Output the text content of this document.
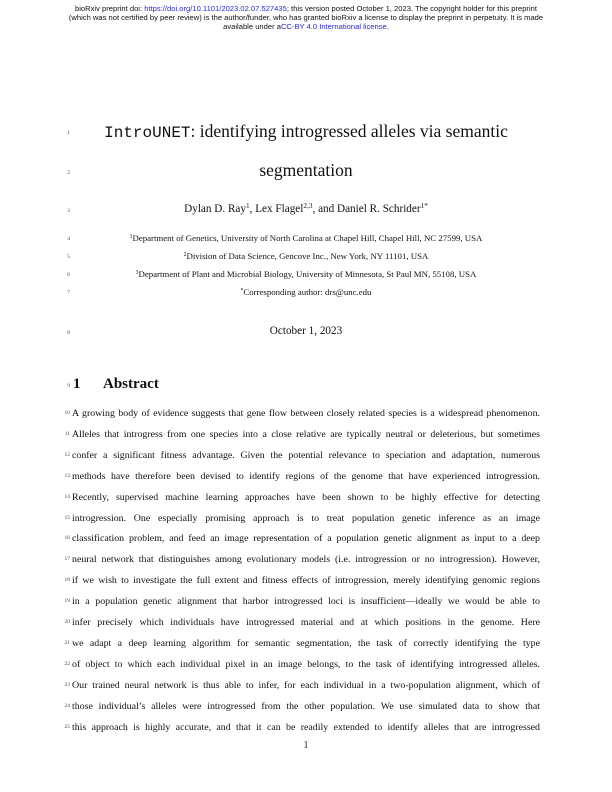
bioRxiv preprint doi: https://doi.org/10.1101/2023.02.07.527435; this version posted October 1, 2023. The copyright holder for this preprint
(which was not certified by peer review) is the author/funder, who has granted bioRxiv a license to display the preprint in perpetuity. It is made
available under aCC-BY 4.0 International license.
1
2
3
4
5
6
7
8
9
IntroUNET: identifying introgressed alleles via semantic
segmentation
Dylan D. Ray$^1$, Lex Flagel$^{2,3}$, and Daniel R. Schrider$^{1*}$
$^1$Department of Genetics, University of North Carolina at Chapel Hill, Chapel Hill, NC 27599, USA
$^2$Division of Data Science, Gencove Inc., New York, NY 11101, USA
$^3$Department of Plant and Microbial Biology, University of Minnesota, St Paul MN, 55108, USA
*Corresponding author: drs@unc.edu
October 1, 2023
1 Abstract
10 A growing body of evidence suggests that gene flow between closely related species is a widespread phenomenon.
11 Alleles that introgress from one species into a close relative are typically neutral or deleterious, but sometimes
12 confer a significant fitness advantage. Given the potential relevance to speciation and adaptation, numerous
13 methods have therefore been devised to identify regions of the genome that have experienced introgression.
14 Recently, supervised machine learning approaches have been shown to be highly effective for detecting
15 introgression. One especially promising approach is to treat population genetic inference as an image
16 classification problem, and feed an image representation of a population genetic alignment as input to a deep
17 neural network that distinguishes among evolutionary models (i.e. introgression or no introgression). However,
18 if we wish to investigate the full extent and fitness effects of introgression, merely identifying genomic regions
19 in a population genetic alignment that harbor introgressed loci is insufficient—ideally we would be able to
20 infer precisely which individuals have introgressed material and at which positions in the genome. Here
21 we adapt a deep learning algorithm for semantic segmentation, the task of correctly identifying the type
22 of object to which each individual pixel in an image belongs, to the task of identifying introgressed alleles.
23 Our trained neural network is thus able to infer, for each individual in a two-population alignment, which of
24 those individual’s alleles were introgressed from the other population. We use simulated data to show that
25 this approach is highly accurate, and that it can be readily extended to identify alleles that are introgressed
1
